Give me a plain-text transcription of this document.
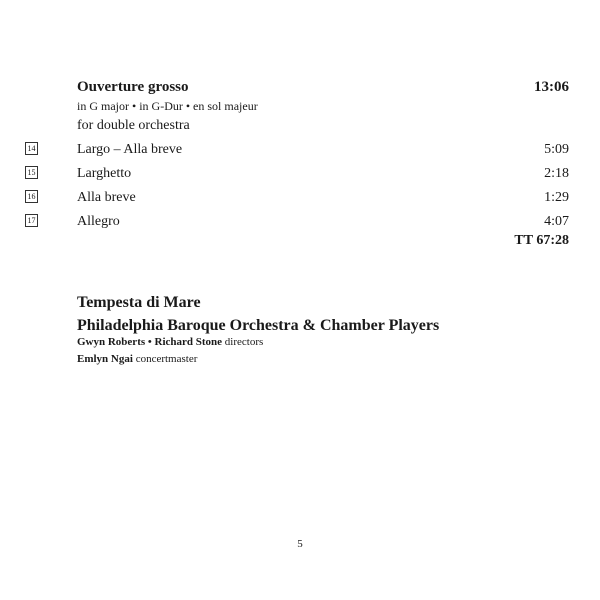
Ouverture grosso	13:06
in G major • in G-Dur • en sol majeur
for double orchestra
14	Largo – Alla breve	5:09
15	Larghetto	2:18
16	Alla breve	1:29
17	Allegro	4:07
TT 67:28
Tempesta di Mare
Philadelphia Baroque Orchestra & Chamber Players
Gwyn Roberts • Richard Stone directors
Emlyn Ngai concertmaster
5
